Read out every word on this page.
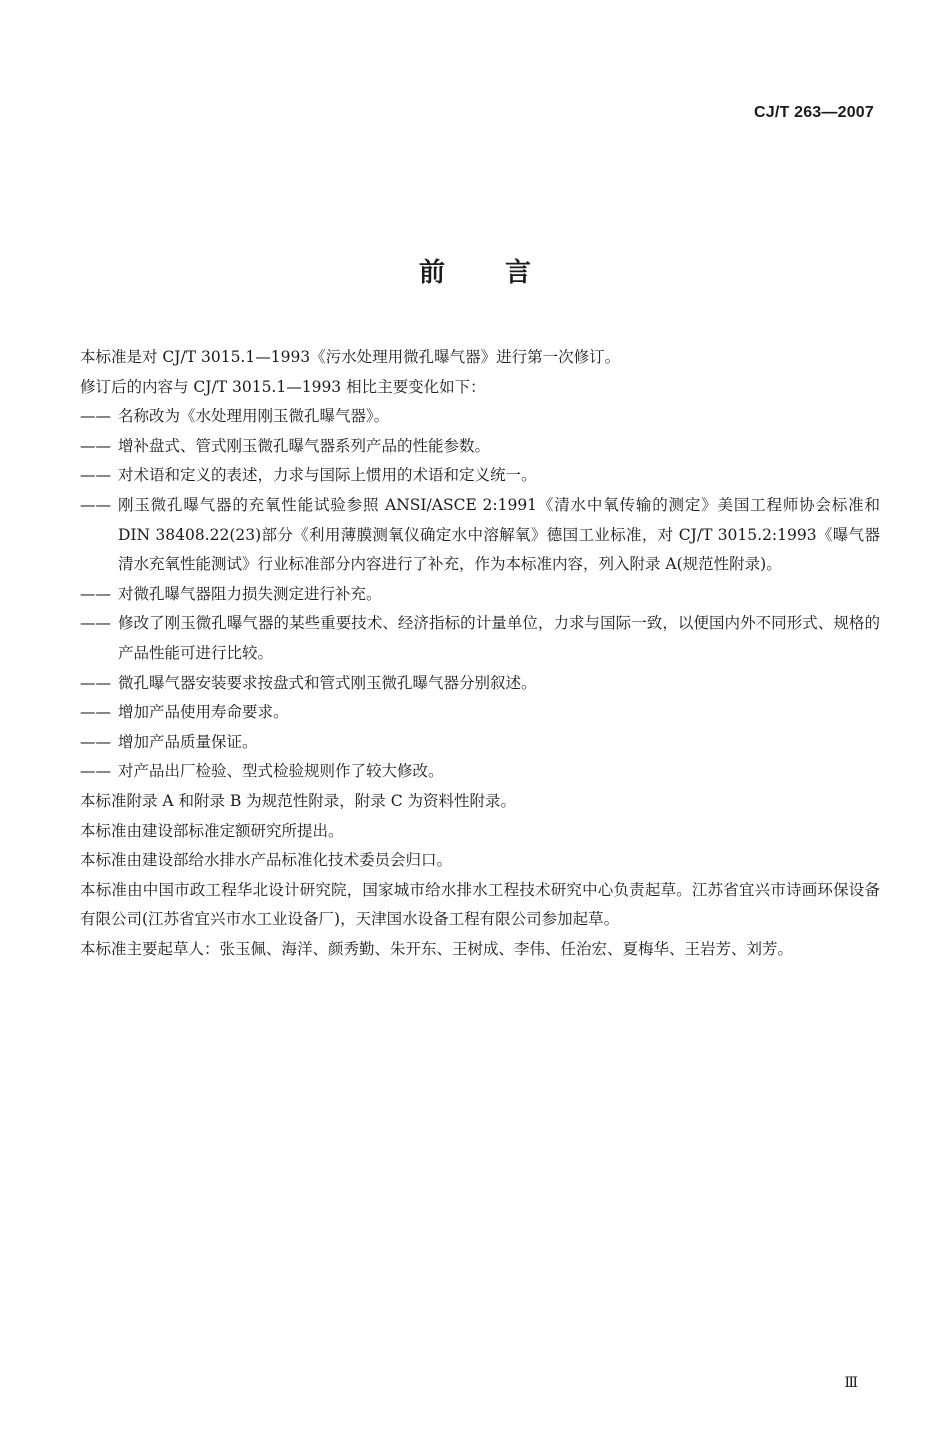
CJ/T 263—2007
前言

本标准是对 CJ/T 3015.1—1993《污水处理用微孔曝气器》进行第一次修订。

修订后的内容与 CJ/T 3015.1—1993 相比主要变化如下：

—— 名称改为《水处理用刚玉微孔曝气器》。
—— 增补盘式、管式刚玉微孔曝气器系列产品的性能参数。
—— 对术语和定义的表述，力求与国际上惯用的术语和定义统一。
—— 刚玉微孔曝气器的充氧性能试验参照 ANSI/ASCE 2:1991《清水中氧传输的测定》美国工程师协会标准和 DIN 38408.22(23)部分《利用薄膜测氧仪确定水中溶解氧》德国工业标准，对 CJ/T 3015.2:1993《曝气器清水充氧性能测试》行业标准部分内容进行了补充，作为本标准内容，列入附录 A(规范性附录)。
—— 对微孔曝气器阻力损失测定进行补充。
—— 修改了刚玉微孔曝气器的某些重要技术、经济指标的计量单位，力求与国际一致，以便国内外不同形式、规格的产品性能可进行比较。
—— 微孔曝气器安装要求按盘式和管式刚玉微孔曝气器分别叙述。
—— 增加产品使用寿命要求。
—— 增加产品质量保证。
—— 对产品出厂检验、型式检验规则作了较大修改。

本标准附录 A 和附录 B 为规范性附录，附录 C 为资料性附录。

本标准由建设部标准定额研究所提出。

本标准由建设部给水排水产品标准化技术委员会归口。

本标准由中国市政工程华北设计研究院，国家城市给水排水工程技术研究中心负责起草。江苏省宜兴市诗画环保设备有限公司(江苏省宜兴市水工业设备厂)，天津国水设备工程有限公司参加起草。

本标准主要起草人：张玉佩、海洋、颜秀勤、朱开东、王树成、李伟、任治宏、夏梅华、王岩芳、刘芳。

Ⅲ
